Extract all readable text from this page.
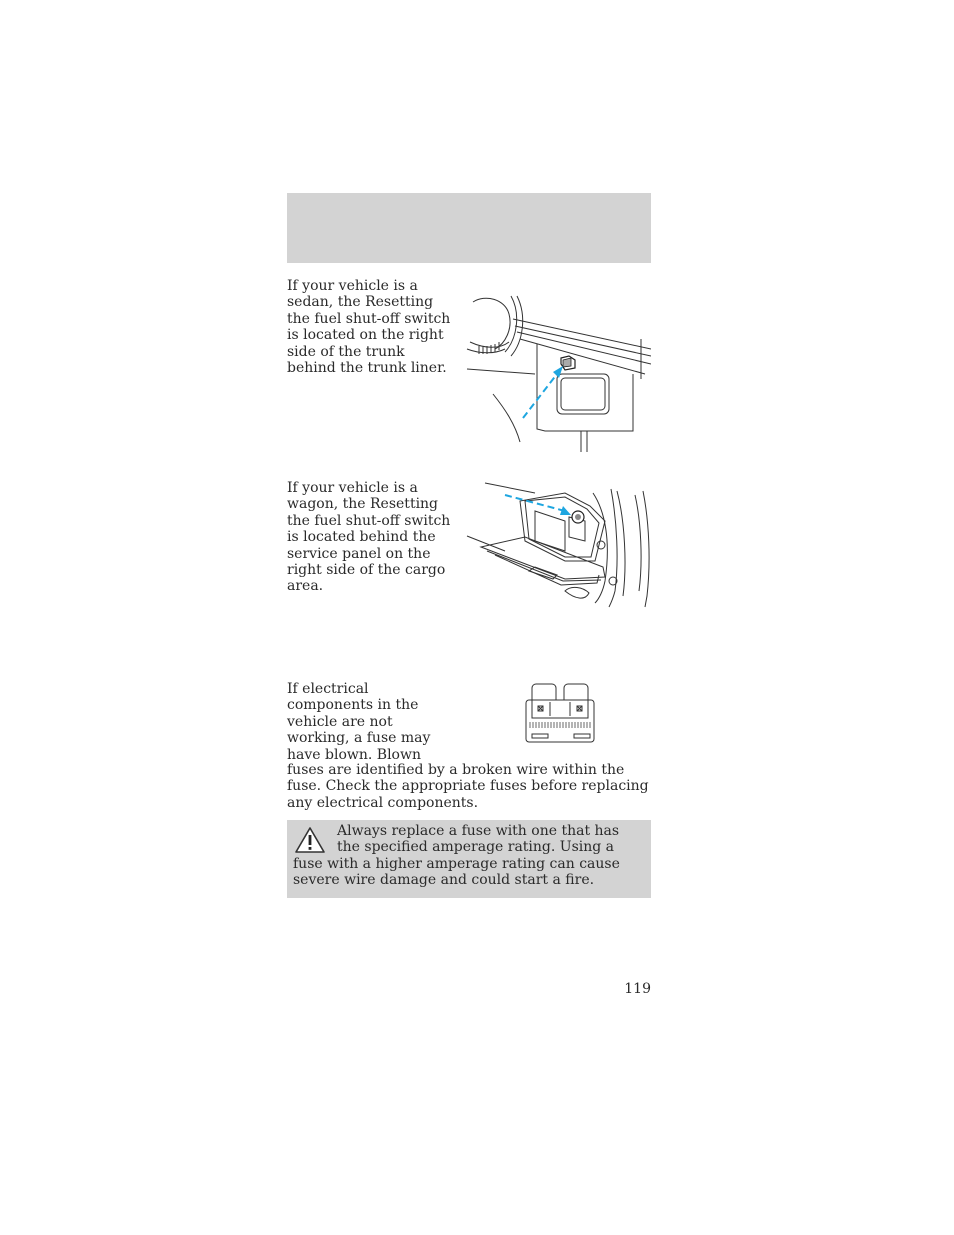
If your vehicle is a sedan, the Resetting the fuel shut-off switch is located on the right side of the trunk behind the trunk liner.

If your vehicle is a wagon, the Resetting the fuel shut-off switch is located behind the service panel on the right side of the cargo area.

If electrical components in the vehicle are not working, a fuse may have blown. Blown

fuses are identified by a broken wire within the fuse. Check the appropriate fuses before replacing any electrical components.

Always replace a fuse with one that has the specified amperage rating. Using a fuse with a higher amperage rating can cause severe wire damage and could start a fire.

119
